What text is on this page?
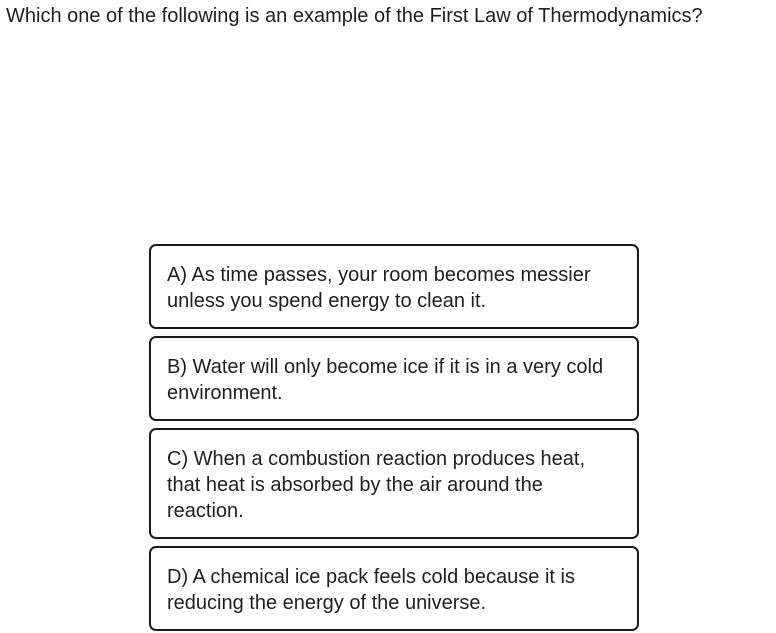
Which one of the following is an example of the First Law of Thermodynamics?
A) As time passes, your room becomes messier unless you spend energy to clean it.
B) Water will only become ice if it is in a very cold environment.
C) When a combustion reaction produces heat, that heat is absorbed by the air around the reaction.
D) A chemical ice pack feels cold because it is reducing the energy of the universe.
